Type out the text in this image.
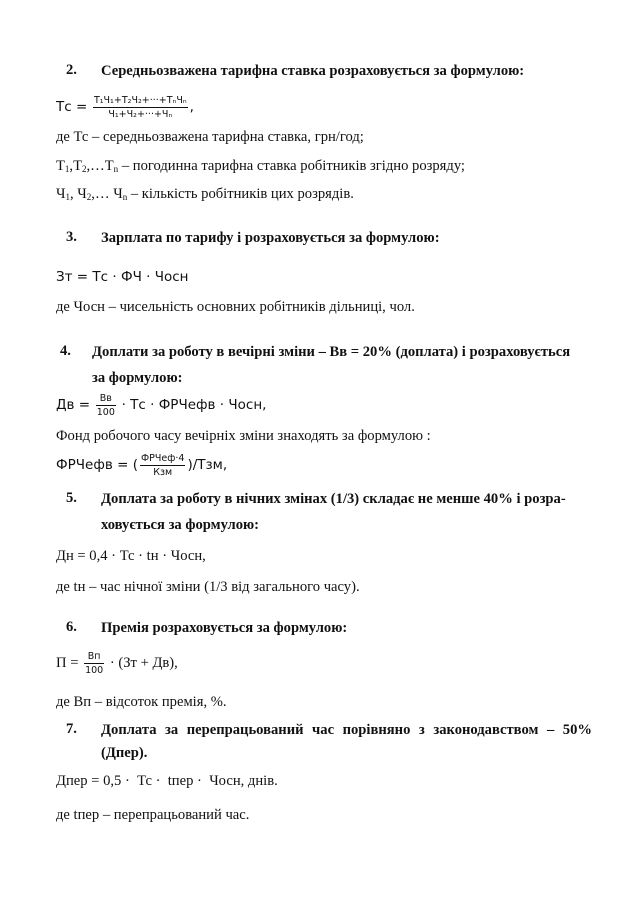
2. Середньозважена тарифна ставка розраховується за формулою:
Тс = $\frac{\text{Т₁Ч₁+Т₂Ч₂+···+ТₙЧₙ}}{\text{Ч₁+Ч₂+···+Чₙ}}$ ,
де Тс – середньозважена тарифна ставка, грн/год;
$Т_1,Т_2,\dots Т_n$ – погодинна тарифна ставка робітників згідно розряду;
$Ч_1$, $Ч_2,\dots$ $Ч_n$ – кількість робітників цих розрядів.
3. Зарплата по тарифу і розраховується за формулою:
Зт = Тс · ФЧ · Чосн
де Чосн – чисельність основних робітників дільниці, чол.
4. Доплати за роботу в вечірні зміни – Вв = 20% (доплата) і розраховується
за формулою:
Дв = $\frac{Вв}{100}$ · Тс · ФРЧефв · Чосн,
Фонд робочого часу вечірніх зміни знаходять за формулою :
ФРЧефв = ( $\frac{\text{ФРЧеф·4}}{\text{Кзм}} )/Тзм$,
5. Доплата за роботу в нічних змінах (1/3) складає не менше 40% і розра-
ховується за формулою:
Дн = 0,4 · Тс · tн · Чосн,
де tн – час нічної зміни (1/3 від загального часу).
6. Премія розраховується за формулою:
$П = \frac{Вп}{100} \cdot (Зт + Дв)$,
де Вп – відсоток премія, %.
7. Доплата за перепрацьований час порівняно з законодавством – 50%
(Дпер).
Дпер = 0,5 ·  Тс ·  tпер ·  Чосн, днів.
де tпер – перепрацьований час.
